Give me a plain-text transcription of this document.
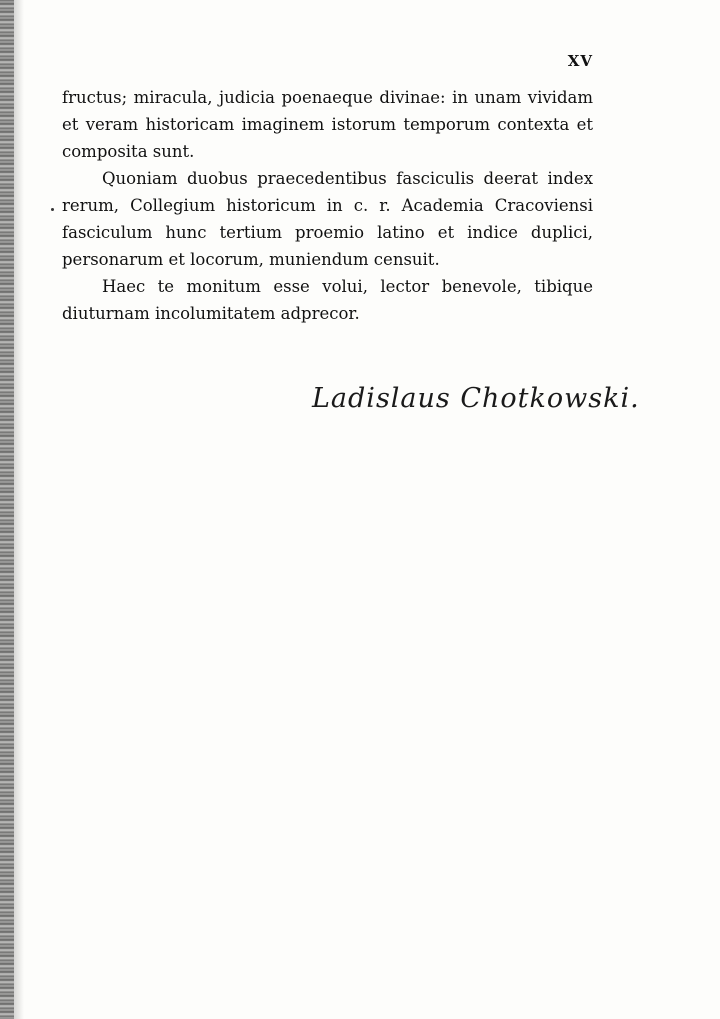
XV

fructus; miracula, judicia poenaeque divinae: in unam vividam et veram historicam imaginem istorum temporum contexta et composita sunt.

Quoniam duobus praecedentibus fasciculis deerat index rerum, Collegium historicum in c. r. Academia Cracoviensi fasciculum hunc tertium proemio latino et indice duplici, personarum et locorum, muniendum censuit.

Haec te monitum esse volui, lector benevole, tibique diuturnam incolumitatem adprecor.

Ladislaus Chotkowski.
